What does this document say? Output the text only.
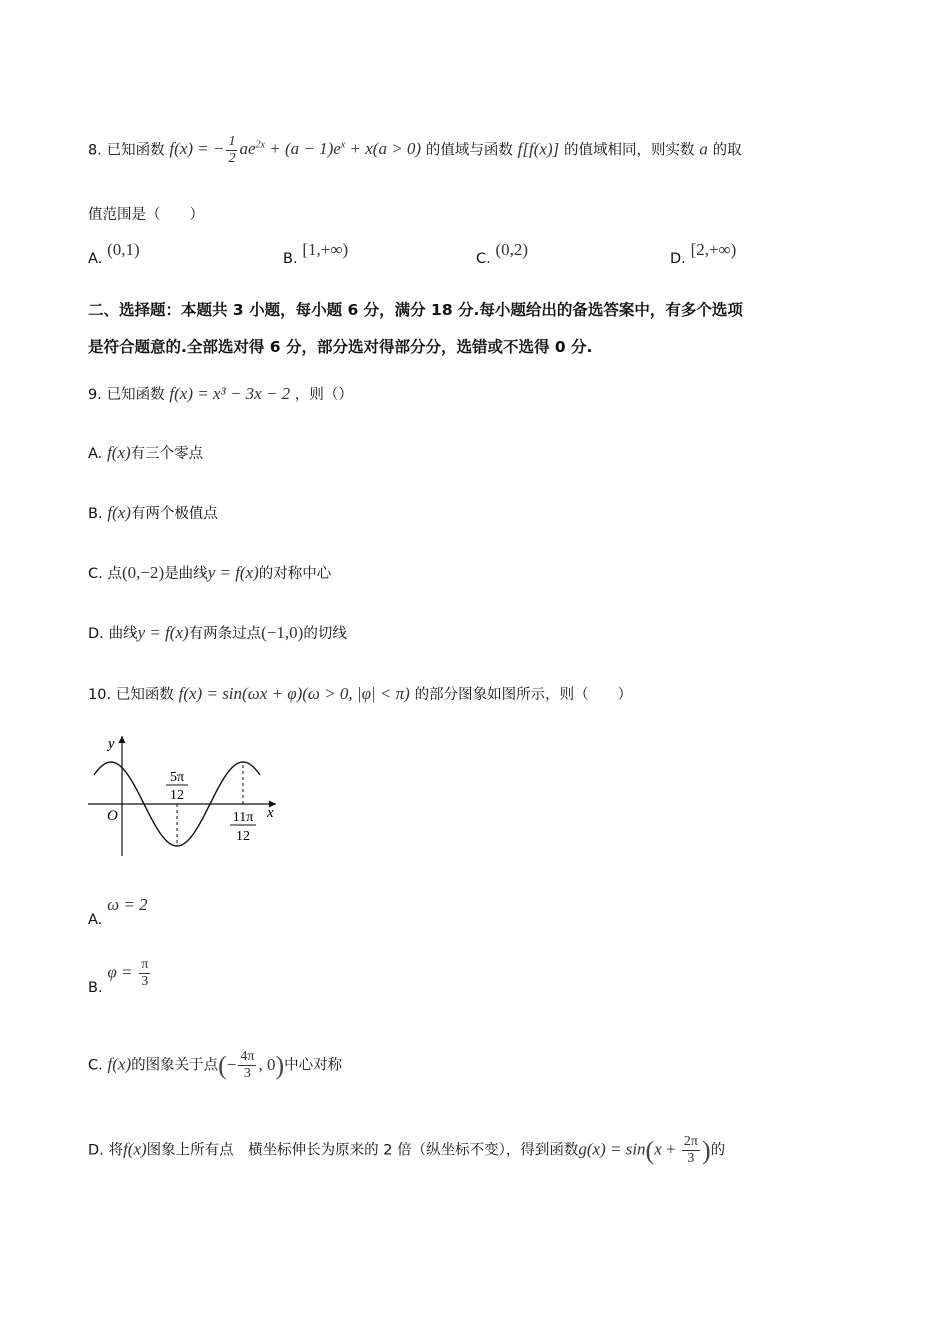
8. 已知函数 f(x) = − $\frac{1}{2} ae^{2x} + (a - 1)e^x + x(a > 0)$ 的值域与函数 f[f(x)] 的值域相同，则实数 a 的取
值范围是（　　）
A. (0,1)	B. [1,+∞)	C. (0,2)	D. [2,+∞)
二、选择题：本题共 3 小题，每小题 6 分，满分 18 分.每小题给出的备选答案中，有多个选项
是符合题意的.全部选对得 6 分，部分选对得部分分，选错或不选得 0 分.
9. 已知函数 f(x) = x³ − 3x − 2 ，则（）
A. f(x)有三个零点
B. f(x)有两个极值点
C. 点(0,−2)是曲线y = f(x)的对称中心
D. 曲线y = f(x)有两条过点(−1,0)的切线
10. 已知函数 f(x) = sin(ωx + φ)(ω > 0, |φ| < π) 的部分图象如图所示，则（　　）
y
x
O
5π
12
11π
12
A. ω = 2
B. $\varphi = \frac{\pi}{3}$
C. f(x)的图象关于点(− $\frac{4\pi}{3}$ , 0)中心对称
D. 将f(x)图象上所有点　横坐标伸长为原来的 2 倍（纵坐标不变），得到函数$g(x) = \sin(x + \frac{2\pi}{3}$ )的
